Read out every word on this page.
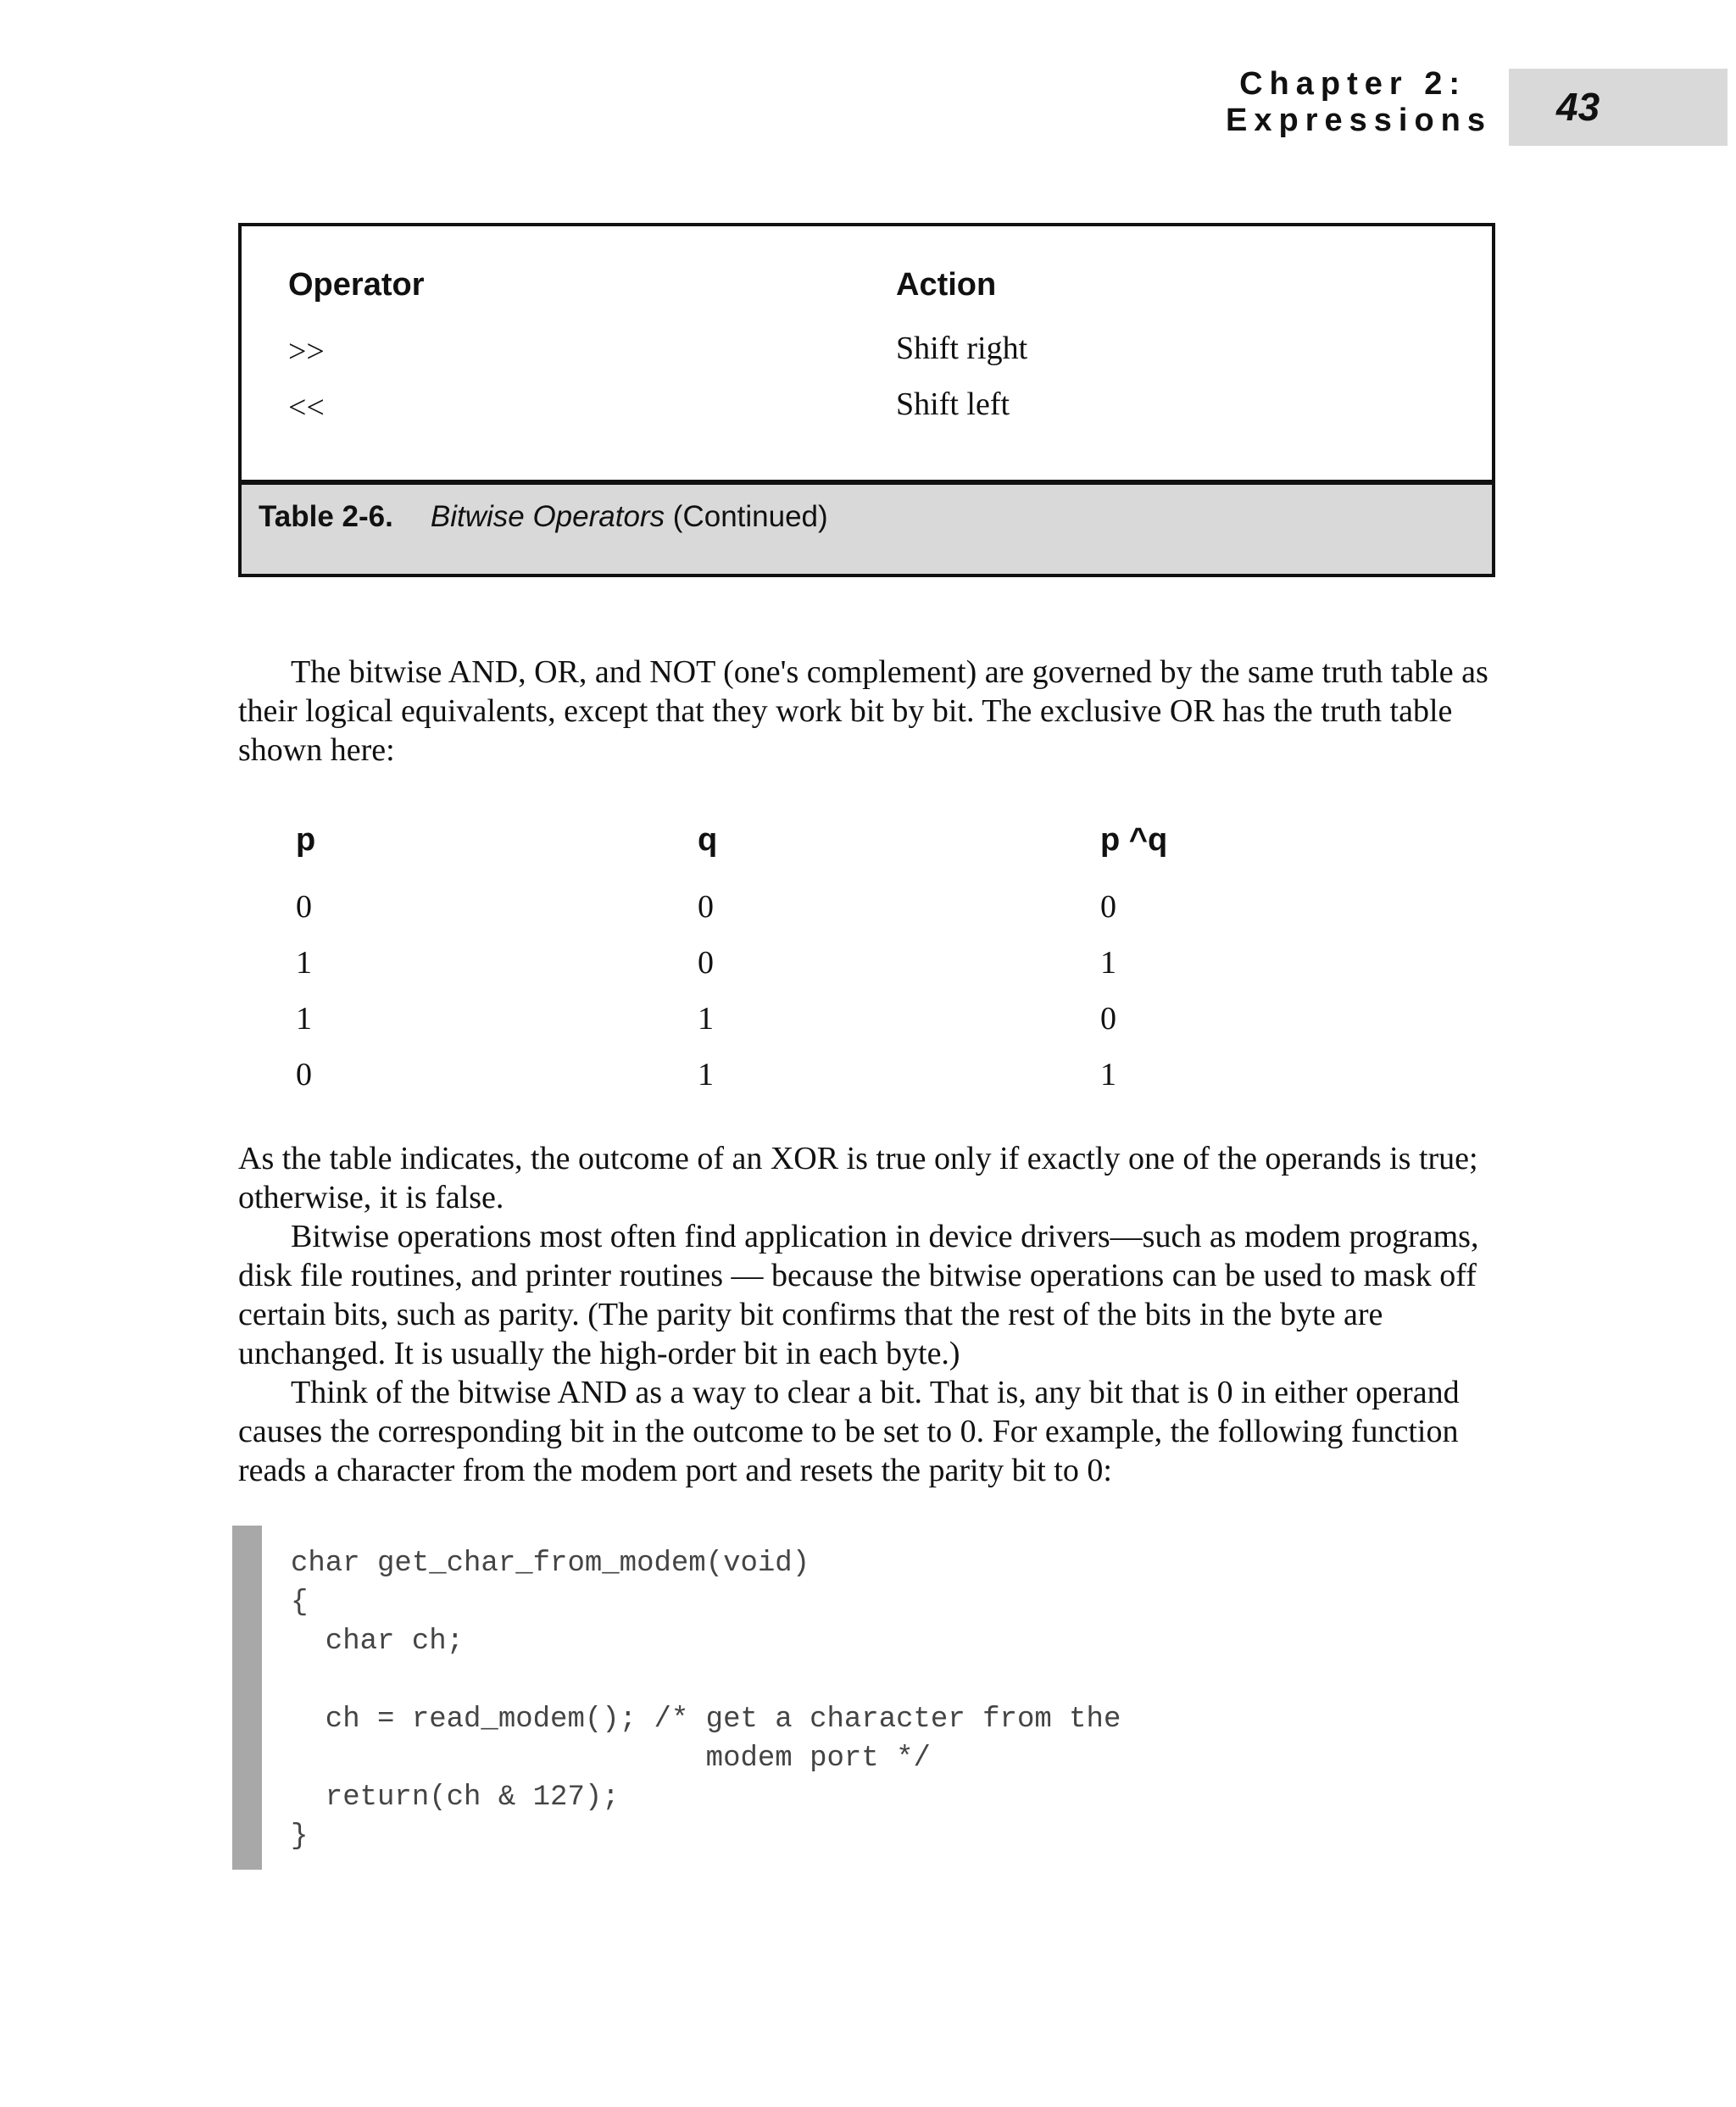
Chapter 2:Expressions	43
Operator	Action
>>	Shift right
<<	Shift left
Table 2-6. Bitwise Operators (Continued)

The bitwise AND, OR, and NOT (one's complement) are governed by the same truth table as their logical equivalents, except that they work bit by bit. The exclusive OR has the truth table shown here:

p	q	p ^q
0	0	0
1	0	1
1	1	0
0	1	1

As the table indicates, the outcome of an XOR is true only if exactly one of the operands is true; otherwise, it is false.

Bitwise operations most often find application in device drivers—such as modem programs, disk file routines, and printer routines — because the bitwise operations can be used to mask off certain bits, such as parity. (The parity bit confirms that the rest of the bits in the byte are unchanged. It is usually the high-order bit in each byte.)

Think of the bitwise AND as a way to clear a bit. That is, any bit that is 0 in either operand causes the corresponding bit in the outcome to be set to 0. For example, the following function reads a character from the modem port and resets the parity bit to 0:

char get_char_from_modem(void)
{
char ch;
ch = read_modem(); /* get a character from the
modem port */
return(ch & 127);
}
